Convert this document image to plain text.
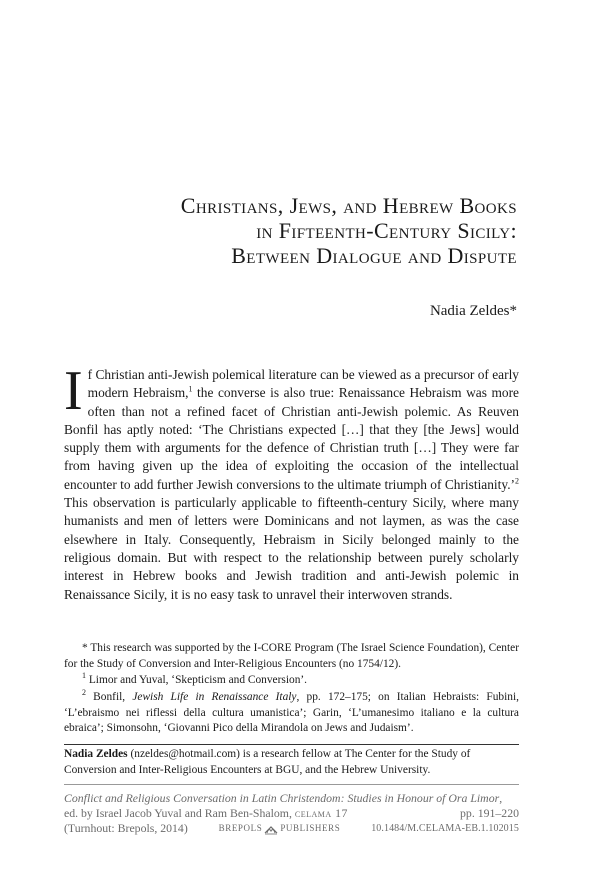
Christians, Jews, and Hebrew Books
in Fifteenth-Century Sicily:
Between Dialogue and Dispute
Nadia Zeldes*
If Christian anti-Jewish polemical literature can be viewed as a precursor of early modern Hebraism,$^1$ the converse is also true: Renaissance Hebraism was more often than not a refined facet of Christian anti-Jewish polemic. As Reuven Bonfil has aptly noted: ‘The Christians expected […] that they [the Jews] would supply them with arguments for the defence of Christian truth […] They were far from having given up the idea of exploiting the occasion of the intellectual encounter to add further Jewish conversions to the ultimate triumph of Christianity.’$^2$ This observation is particularly applicable to fifteenth-century Sicily, where many humanists and men of letters were Dominicans and not laymen, as was the case elsewhere in Italy. Consequently, Hebraism in Sicily belonged mainly to the religious domain. But with respect to the relationship between purely scholarly interest in Hebrew books and Jewish tradition and anti-Jewish polemic in Renaissance Sicily, it is no easy task to unravel their interwoven strands.
* This research was supported by the I-CORE Program (The Israel Science Foundation), Center for the Study of Conversion and Inter-Religious Encounters (no 1754/12).
$^1$ Limor and Yuval, ‘Skepticism and Conversion’.
$^2$ Bonfil, Jewish Life in Renaissance Italy, pp. 172–175; on Italian Hebraists: Fubini, ‘L’ebraismo nei riflessi della cultura umanistica’; Garin, ‘L’umanesimo italiano e la cultura ebraica’; Simonsohn, ‘Giovanni Pico della Mirandola on Jews and Judaism’.
Nadia Zeldes (nzeldes@hotmail.com) is a research fellow at The Center for the Study of Conversion and Inter-Religious Encounters at BGU, and the Hebrew University.
Conflict and Religious Conversation in Latin Christendom: Studies in Honour of Ora Limor,
ed. by Israel Jacob Yuval and Ram Ben-Shalom, celama 17	pp. 191–220
(Turnhout: Brepols, 2014)	BREPOLS PUBLISHERS	10.1484/M.CELAMA-EB.1.102015
